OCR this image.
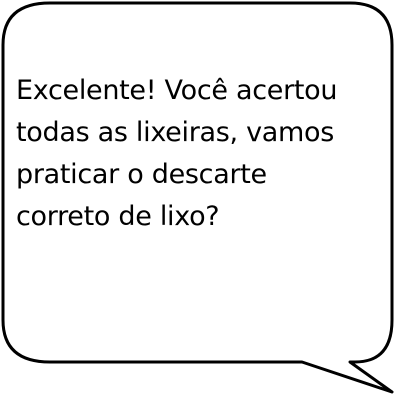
Excelente! Você acertou
todas as lixeiras, vamos
praticar o descarte
correto de lixo?
